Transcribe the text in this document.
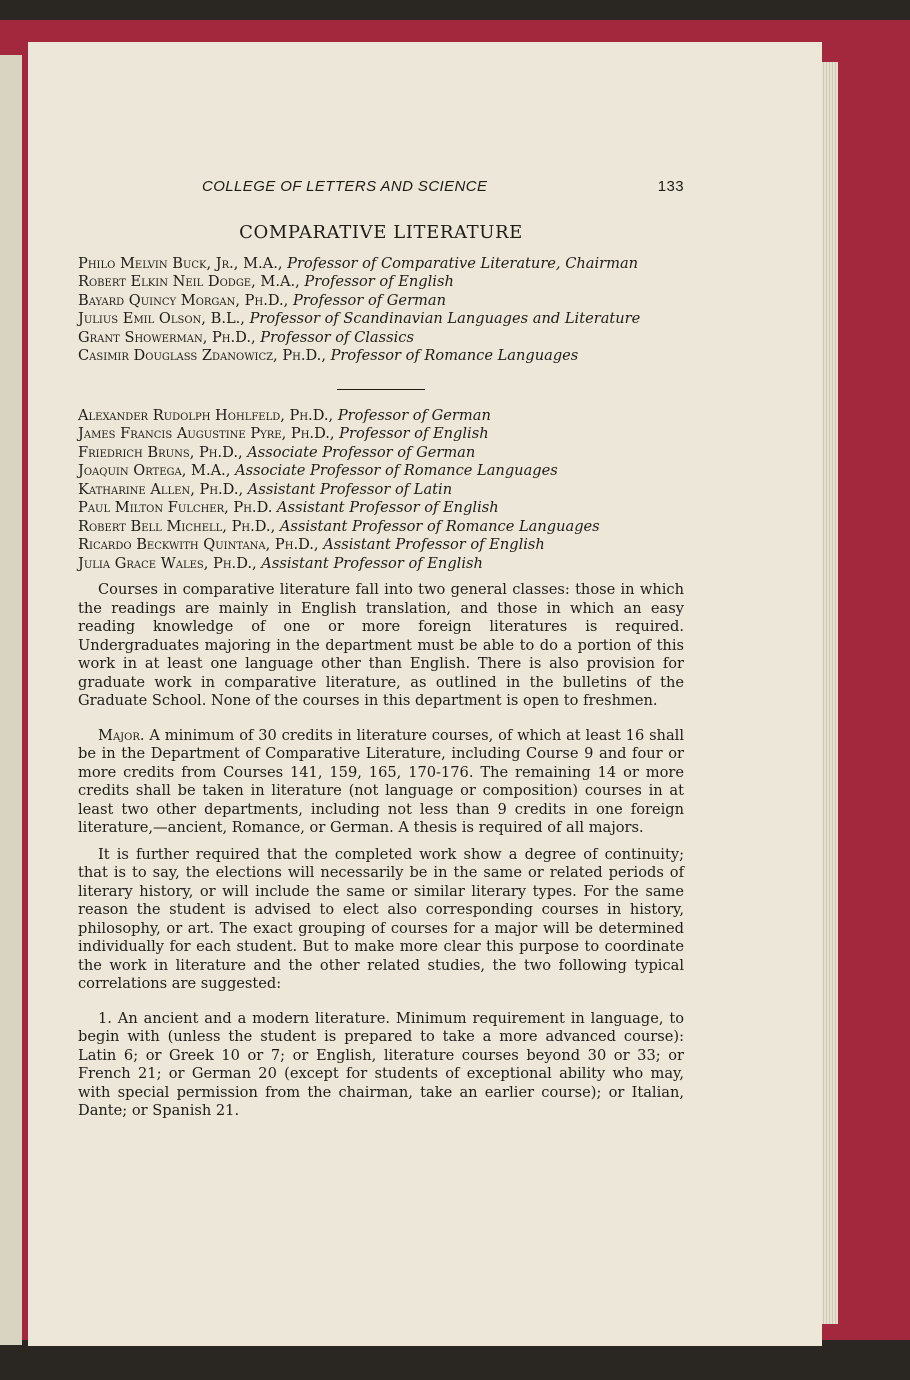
COLLEGE OF LETTERS AND SCIENCE	133
COMPARATIVE LITERATURE
Philo Melvin Buck, Jr., M.A., Professor of Comparative Literature, Chairman
Robert Elkin Neil Dodge, M.A., Professor of English
Bayard Quincy Morgan, Ph.D., Professor of German
Julius Emil Olson, B.L., Professor of Scandinavian Languages and Literature
Grant Showerman, Ph.D., Professor of Classics
Casimir Douglass Zdanowicz, Ph.D., Professor of Romance Languages
Alexander Rudolph Hohlfeld, Ph.D., Professor of German
James Francis Augustine Pyre, Ph.D., Professor of English
Friedrich Bruns, Ph.D., Associate Professor of German
Joaquin Ortega, M.A., Associate Professor of Romance Languages
Katharine Allen, Ph.D., Assistant Professor of Latin
Paul Milton Fulcher, Ph.D. Assistant Professor of English
Robert Bell Michell, Ph.D., Assistant Professor of Romance Languages
Ricardo Beckwith Quintana, Ph.D., Assistant Professor of English
Julia Grace Wales, Ph.D., Assistant Professor of English

Courses in comparative literature fall into two general classes: those in which the readings are mainly in English translation, and those in which an easy reading knowledge of one or more foreign literatures is required. Undergraduates majoring in the department must be able to do a portion of this work in at least one language other than English. There is also provision for graduate work in comparative literature, as outlined in the bulletins of the Graduate School. None of the courses in this department is open to freshmen.

Major. A minimum of 30 credits in literature courses, of which at least 16 shall be in the Department of Comparative Literature, including Course 9 and four or more credits from Courses 141, 159, 165, 170-176. The remaining 14 or more credits shall be taken in literature (not language or composition) courses in at least two other departments, including not less than 9 credits in one foreign literature,—ancient, Romance, or German. A thesis is required of all majors.

It is further required that the completed work show a degree of continuity; that is to say, the elections will necessarily be in the same or related periods of literary history, or will include the same or similar literary types. For the same reason the student is advised to elect also corresponding courses in history, philosophy, or art. The exact grouping of courses for a major will be determined individually for each student. But to make more clear this purpose to coordinate the work in literature and the other related studies, the two following typical correlations are suggested:

1. An ancient and a modern literature. Minimum requirement in language, to begin with (unless the student is prepared to take a more advanced course): Latin 6; or Greek 10 or 7; or English, literature courses beyond 30 or 33; or French 21; or German 20 (except for students of exceptional ability who may, with special permission from the chairman, take an earlier course); or Italian, Dante; or Spanish 21.
